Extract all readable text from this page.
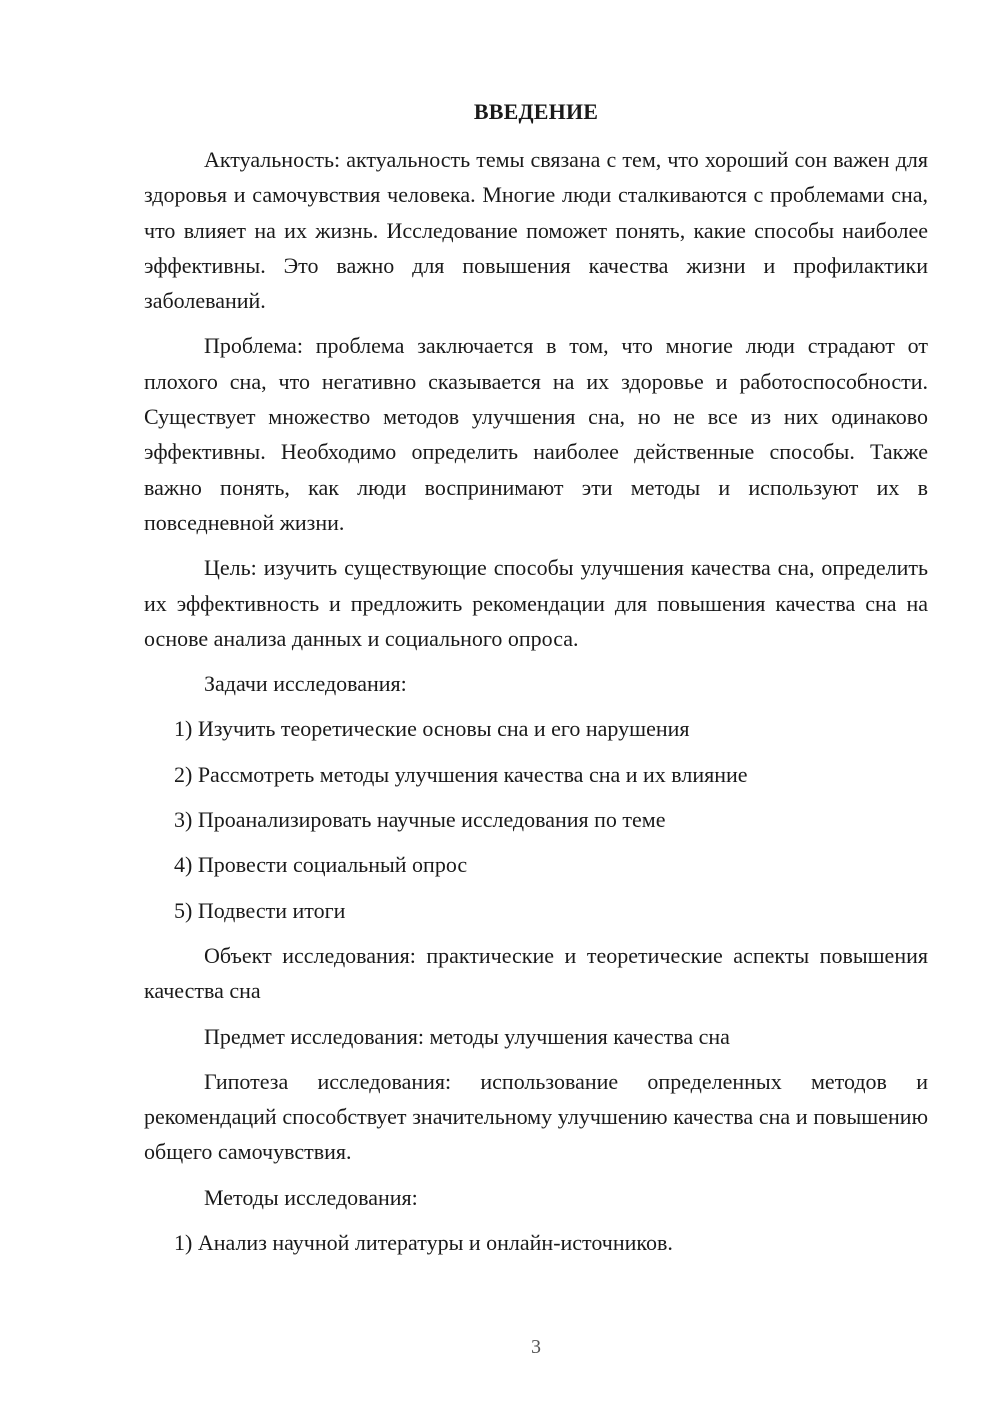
ВВЕДЕНИЕ

Актуальность: актуальность темы связана с тем, что хороший сон важен для здоровья и самочувствия человека. Многие люди сталкиваются с проблемами сна, что влияет на их жизнь. Исследование поможет понять, какие способы наиболее эффективны. Это важно для повышения качества жизни и профилактики заболеваний.

Проблема: проблема заключается в том, что многие люди страдают от плохого сна, что негативно сказывается на их здоровье и работоспособности. Существует множество методов улучшения сна, но не все из них одинаково эффективны. Необходимо определить наиболее действенные способы. Также важно понять, как люди воспринимают эти методы и используют их в повседневной жизни.

Цель: изучить существующие способы улучшения качества сна, определить их эффективность и предложить рекомендации для повышения качества сна на основе анализа данных и социального опроса.

Задачи исследования:

1) Изучить теоретические основы сна и его нарушения
2) Рассмотреть методы улучшения качества сна и их влияние
3) Проанализировать научные исследования по теме
4) Провести социальный опрос
5) Подвести итоги

Объект исследования: практические и теоретические аспекты повышения качества сна

Предмет исследования: методы улучшения качества сна

Гипотеза исследования: использование определенных методов и рекомендаций способствует значительному улучшению качества сна и повышению общего самочувствия.

Методы исследования:

1) Анализ научной литературы и онлайн-источников.
3
